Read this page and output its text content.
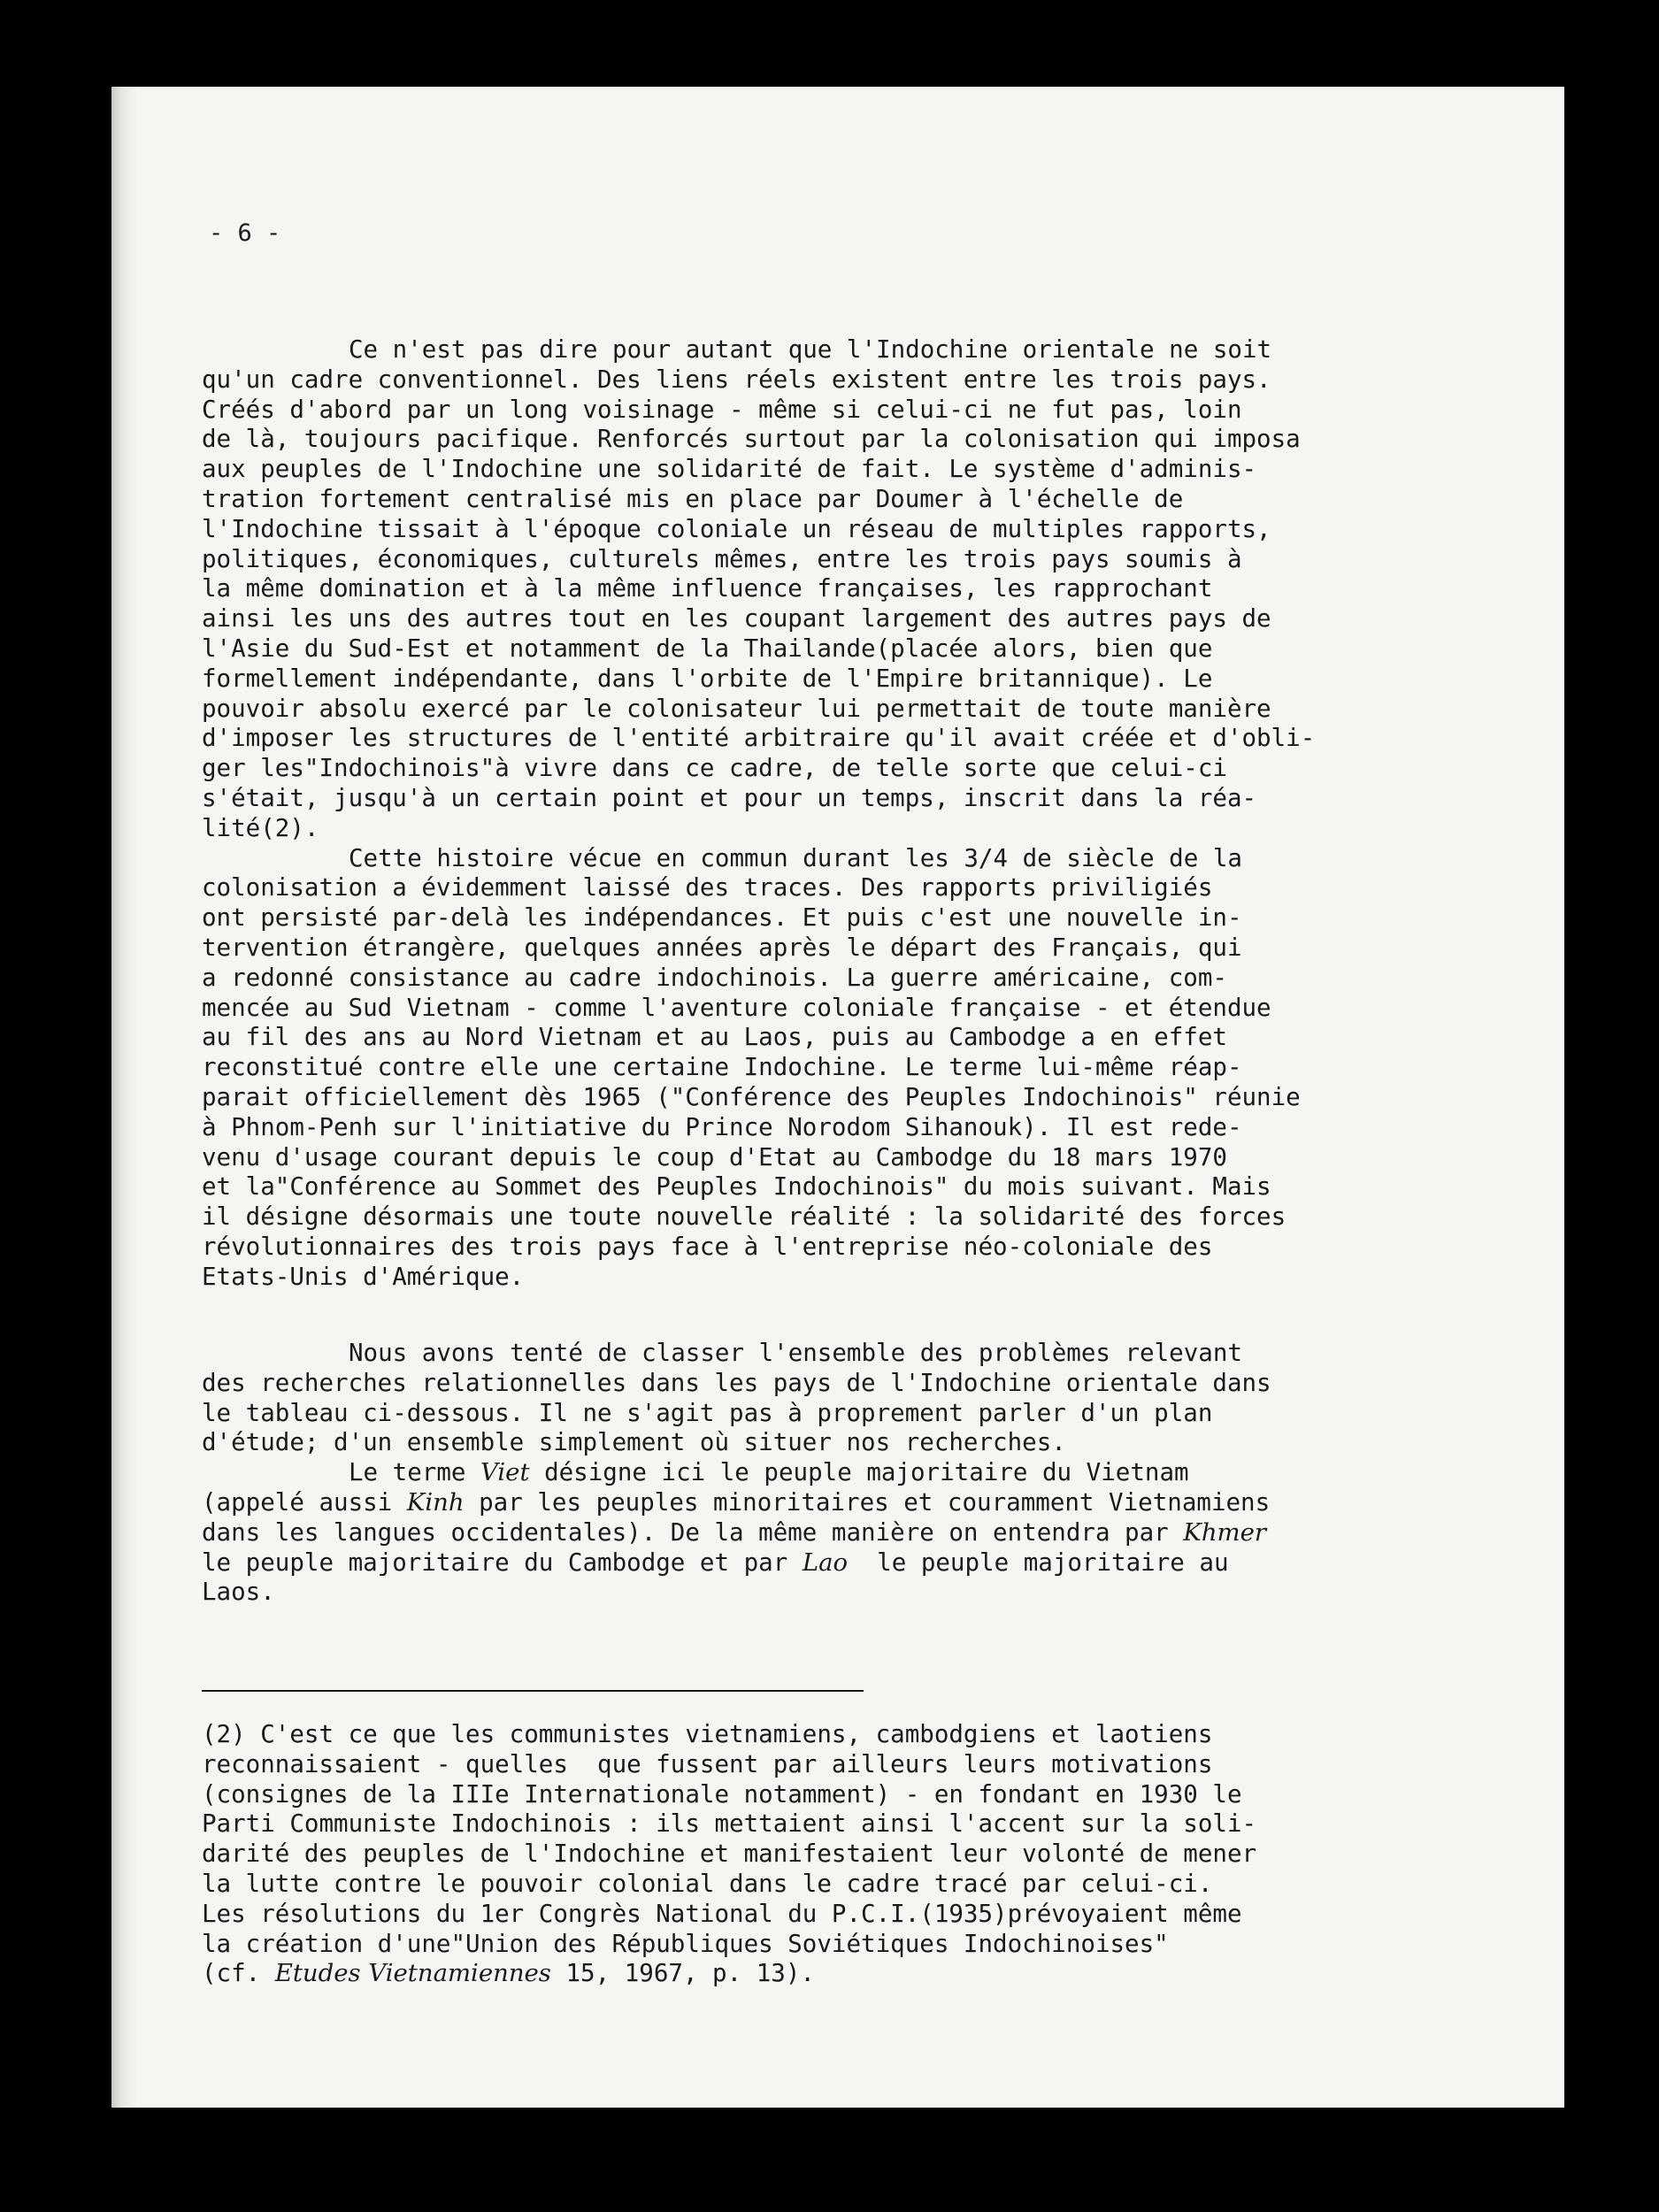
- 6 -
Ce n'est pas dire pour autant que l'Indochine orientale ne soit
qu'un cadre conventionnel. Des liens réels existent entre les trois pays.
Créés d'abord par un long voisinage - même si celui-ci ne fut pas, loin
de là, toujours pacifique. Renforcés surtout par la colonisation qui imposa
aux peuples de l'Indochine une solidarité de fait. Le système d'adminis-
tration fortement centralisé mis en place par Doumer à l'échelle de
l'Indochine tissait à l'époque coloniale un réseau de multiples rapports,
politiques, économiques, culturels mêmes, entre les trois pays soumis à
la même domination et à la même influence françaises, les rapprochant
ainsi les uns des autres tout en les coupant largement des autres pays de
l'Asie du Sud-Est et notamment de la Thailande(placée alors, bien que
formellement indépendante, dans l'orbite de l'Empire britannique). Le
pouvoir absolu exercé par le colonisateur lui permettait de toute manière
d'imposer les structures de l'entité arbitraire qu'il avait créée et d'obli-
ger les"Indochinois"à vivre dans ce cadre, de telle sorte que celui-ci
s'était, jusqu'à un certain point et pour un temps, inscrit dans la réa-
lité(2).
Cette histoire vécue en commun durant les 3/4 de siècle de la
colonisation a évidemment laissé des traces. Des rapports priviligiés
ont persisté par-delà les indépendances. Et puis c'est une nouvelle in-
tervention étrangère, quelques années après le départ des Français, qui
a redonné consistance au cadre indochinois. La guerre américaine, com-
mencée au Sud Vietnam - comme l'aventure coloniale française - et étendue
au fil des ans au Nord Vietnam et au Laos, puis au Cambodge a en effet
reconstitué contre elle une certaine Indochine. Le terme lui-même réap-
parait officiellement dès 1965 ("Conférence des Peuples Indochinois" réunie
à Phnom-Penh sur l'initiative du Prince Norodom Sihanouk). Il est rede-
venu d'usage courant depuis le coup d'Etat au Cambodge du 18 mars 1970
et la"Conférence au Sommet des Peuples Indochinois" du mois suivant. Mais
il désigne désormais une toute nouvelle réalité : la solidarité des forces
révolutionnaires des trois pays face à l'entreprise néo-coloniale des
Etats-Unis d'Amérique.
Nous avons tenté de classer l'ensemble des problèmes relevant
des recherches relationnelles dans les pays de l'Indochine orientale dans
le tableau ci-dessous. Il ne s'agit pas à proprement parler d'un plan
d'étude; d'un ensemble simplement où situer nos recherches.
Le terme Viet désigne ici le peuple majoritaire du Vietnam
(appelé aussi Kinh par les peuples minoritaires et couramment Vietnamiens
dans les langues occidentales). De la même manière on entendra par Khmer
le peuple majoritaire du Cambodge et par Lao  le peuple majoritaire au
Laos.
(2) C'est ce que les communistes vietnamiens, cambodgiens et laotiens
reconnaissaient - quelles  que fussent par ailleurs leurs motivations
(consignes de la IIIe Internationale notamment) - en fondant en 1930 le
Parti Communiste Indochinois : ils mettaient ainsi l'accent sur la soli-
darité des peuples de l'Indochine et manifestaient leur volonté de mener
la lutte contre le pouvoir colonial dans le cadre tracé par celui-ci.
Les résolutions du 1er Congrès National du P.C.I.(1935)prévoyaient même
la création d'une"Union des Républiques Soviétiques Indochinoises"
(cf. Etudes Vietnamiennes 15, 1967, p. 13).
